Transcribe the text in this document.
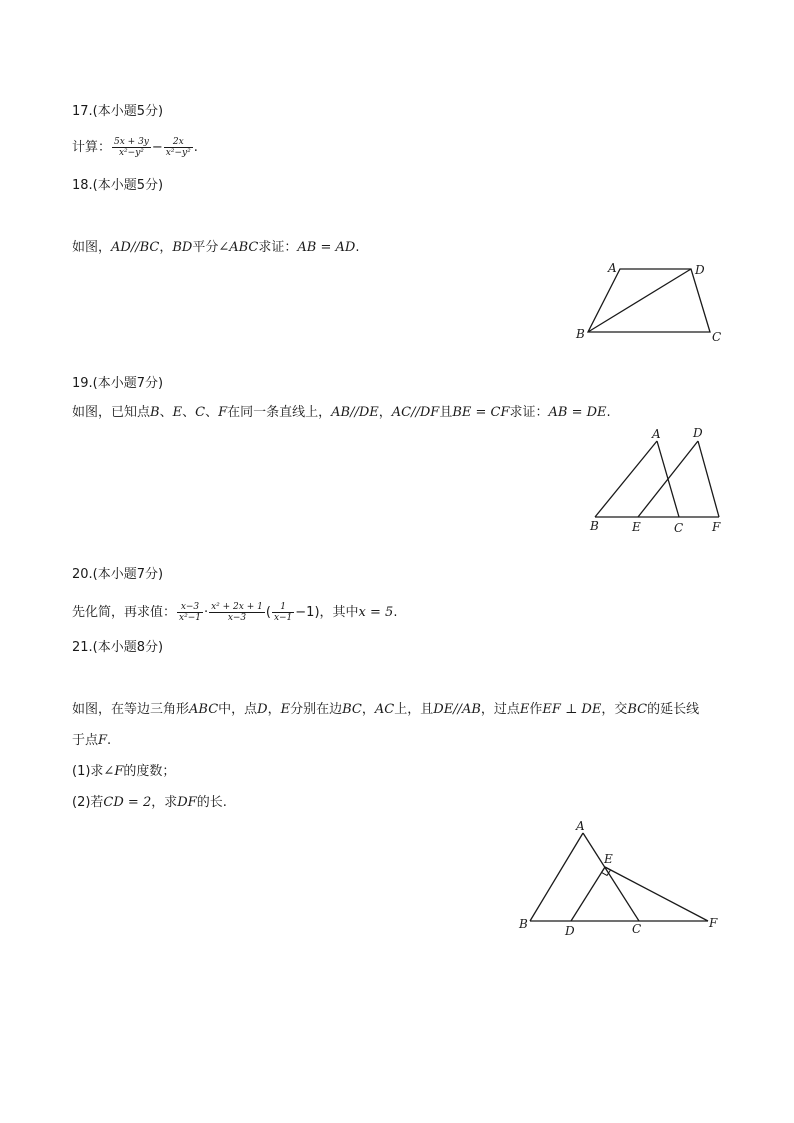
17.(本小题5分)
计算： $\frac{5x + 3y}{\text{x²−y²}} - \frac{2x}{\text{x²−y²}}$ .
18.(本小题5分)
如图，AD//BC，BD平分∠ABC求证：AB = AD.
A	D
B	C
19.(本小题7分)
如图，已知点B、E、C、F在同一条直线上，AB//DE，AC//DF且BE = CF求证：AB = DE.
A	D
B	E	C F
20.(本小题7分)
先化简，再求值： $\frac{x-3}{\text{x²−1}} \cdot \frac{\text{x² + 2x + 1}}{x-3}$ ( $\frac{1}{x-1} -1$)，其中x = 5.
21.(本小题8分)
如图，在等边三角形ABC中，点D，E分别在边BC，AC上，且DE//AB，过点E作EF ⊥ DE，交BC的延长线
于点F.
(1)求∠F的度数；
(2)若CD = 2，求DF的长.
A
E
B	D	C	F
